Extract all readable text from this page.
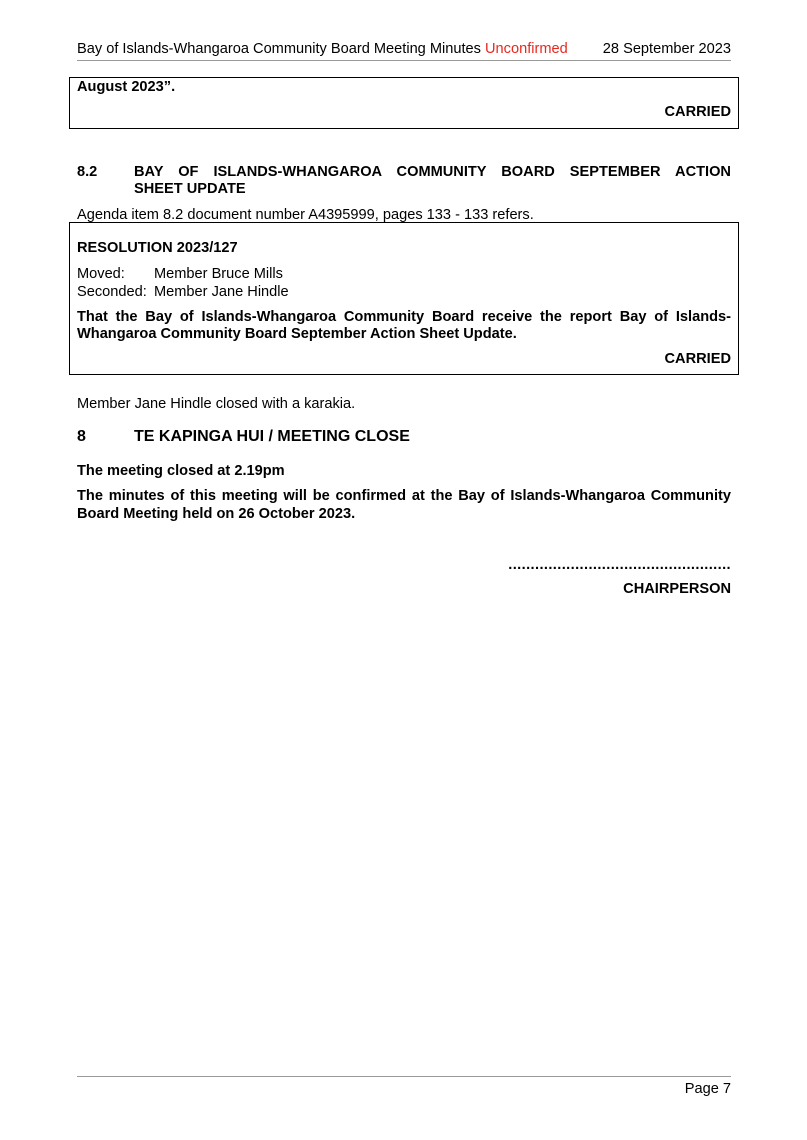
Bay of Islands-Whangaroa Community Board Meeting Minutes Unconfirmed 28 September 2023
August 2023”.
CARRIED
8.2	BAY OF ISLANDS-WHANGAROA COMMUNITY BOARD SEPTEMBER ACTION
SHEET UPDATE
Agenda item 8.2 document number A4395999, pages 133 - 133 refers.
RESOLUTION 2023/127
Moved: Member Bruce Mills
Seconded: Member Jane Hindle
That the Bay of Islands-Whangaroa Community Board receive the report Bay of Islands-
Whangaroa Community Board September Action Sheet Update.
CARRIED
Member Jane Hindle closed with a karakia.
8	TE KAPINGA HUI / MEETING CLOSE
The meeting closed at 2.19pm
The minutes of this meeting will be confirmed at the Bay of Islands-Whangaroa Community
Board Meeting held on 26 October 2023.
..................................................
CHAIRPERSON
Page 7
